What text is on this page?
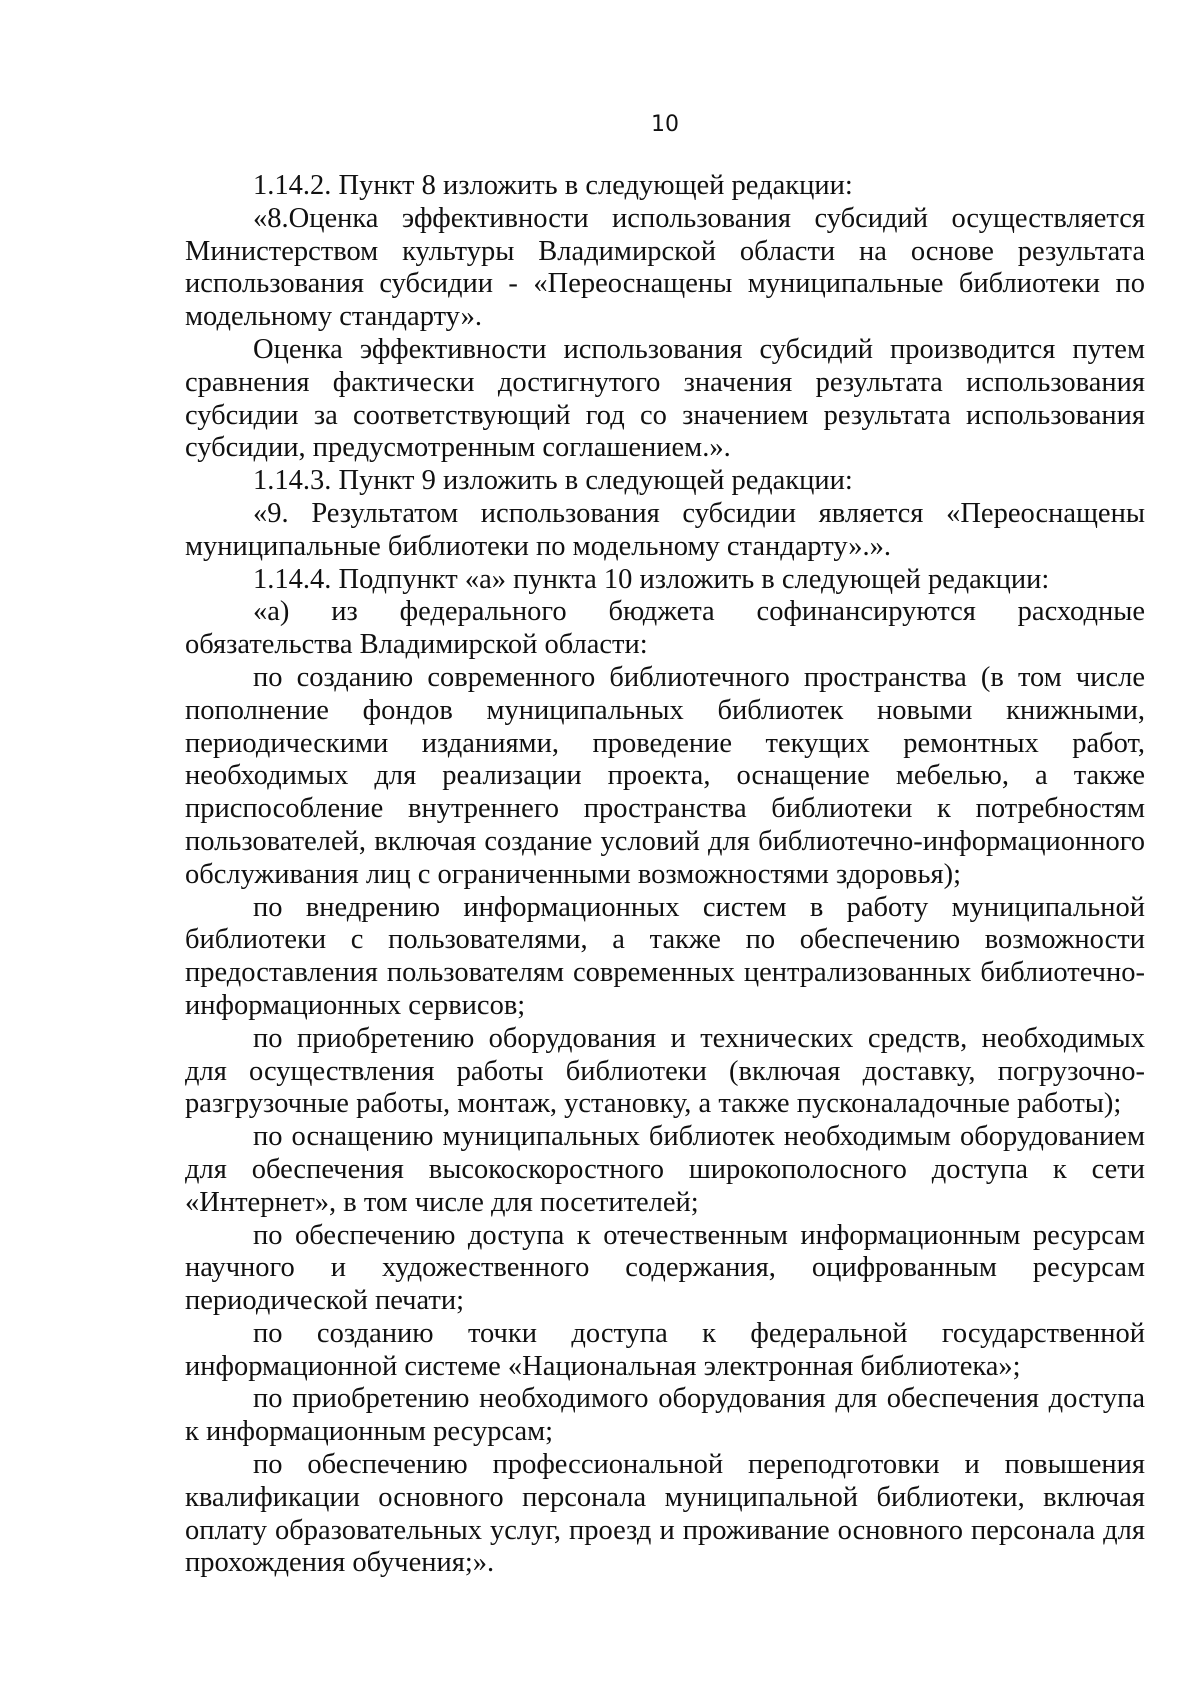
10

1.14.2. Пункт 8 изложить в следующей редакции:

«8.Оценка эффективности использования субсидий осуществляется Министерством культуры Владимирской области на основе результата использования субсидии - «Переоснащены муниципальные библиотеки по модельному стандарту».

Оценка эффективности использования субсидий производится путем сравнения фактически достигнутого значения результата использования субсидии за соответствующий год со значением результата использования субсидии, предусмотренным соглашением.».

1.14.3. Пункт 9 изложить в следующей редакции:

«9. Результатом использования субсидии является «Переоснащены муниципальные библиотеки по модельному стандарту».».

1.14.4. Подпункт «а» пункта 10 изложить в следующей редакции:

«а) из федерального бюджета софинансируются расходные обязательства Владимирской области:

по созданию современного библиотечного пространства (в том числе пополнение фондов муниципальных библиотек новыми книжными, периодическими изданиями, проведение текущих ремонтных работ, необходимых для реализации проекта, оснащение мебелью, а также приспособление внутреннего пространства библиотеки к потребностям пользователей, включая создание условий для библиотечно-информационного обслуживания лиц с ограниченными возможностями здоровья);

по внедрению информационных систем в работу муниципальной библиотеки с пользователями, а также по обеспечению возможности предоставления пользователям современных централизованных библиотечно-информационных сервисов;

по приобретению оборудования и технических средств, необходимых для осуществления работы библиотеки (включая доставку, погрузочно-разгрузочные работы, монтаж, установку, а также пусконаладочные работы);

по оснащению муниципальных библиотек необходимым оборудованием для обеспечения высокоскоростного широкополосного доступа к сети «Интернет», в том числе для посетителей;

по обеспечению доступа к отечественным информационным ресурсам научного и художественного содержания, оцифрованным ресурсам периодической печати;

по созданию точки доступа к федеральной государственной информационной системе «Национальная электронная библиотека»;

по приобретению необходимого оборудования для обеспечения доступа к информационным ресурсам;

по обеспечению профессиональной переподготовки и повышения квалификации основного персонала муниципальной библиотеки, включая оплату образовательных услуг, проезд и проживание основного персонала для прохождения обучения;».
